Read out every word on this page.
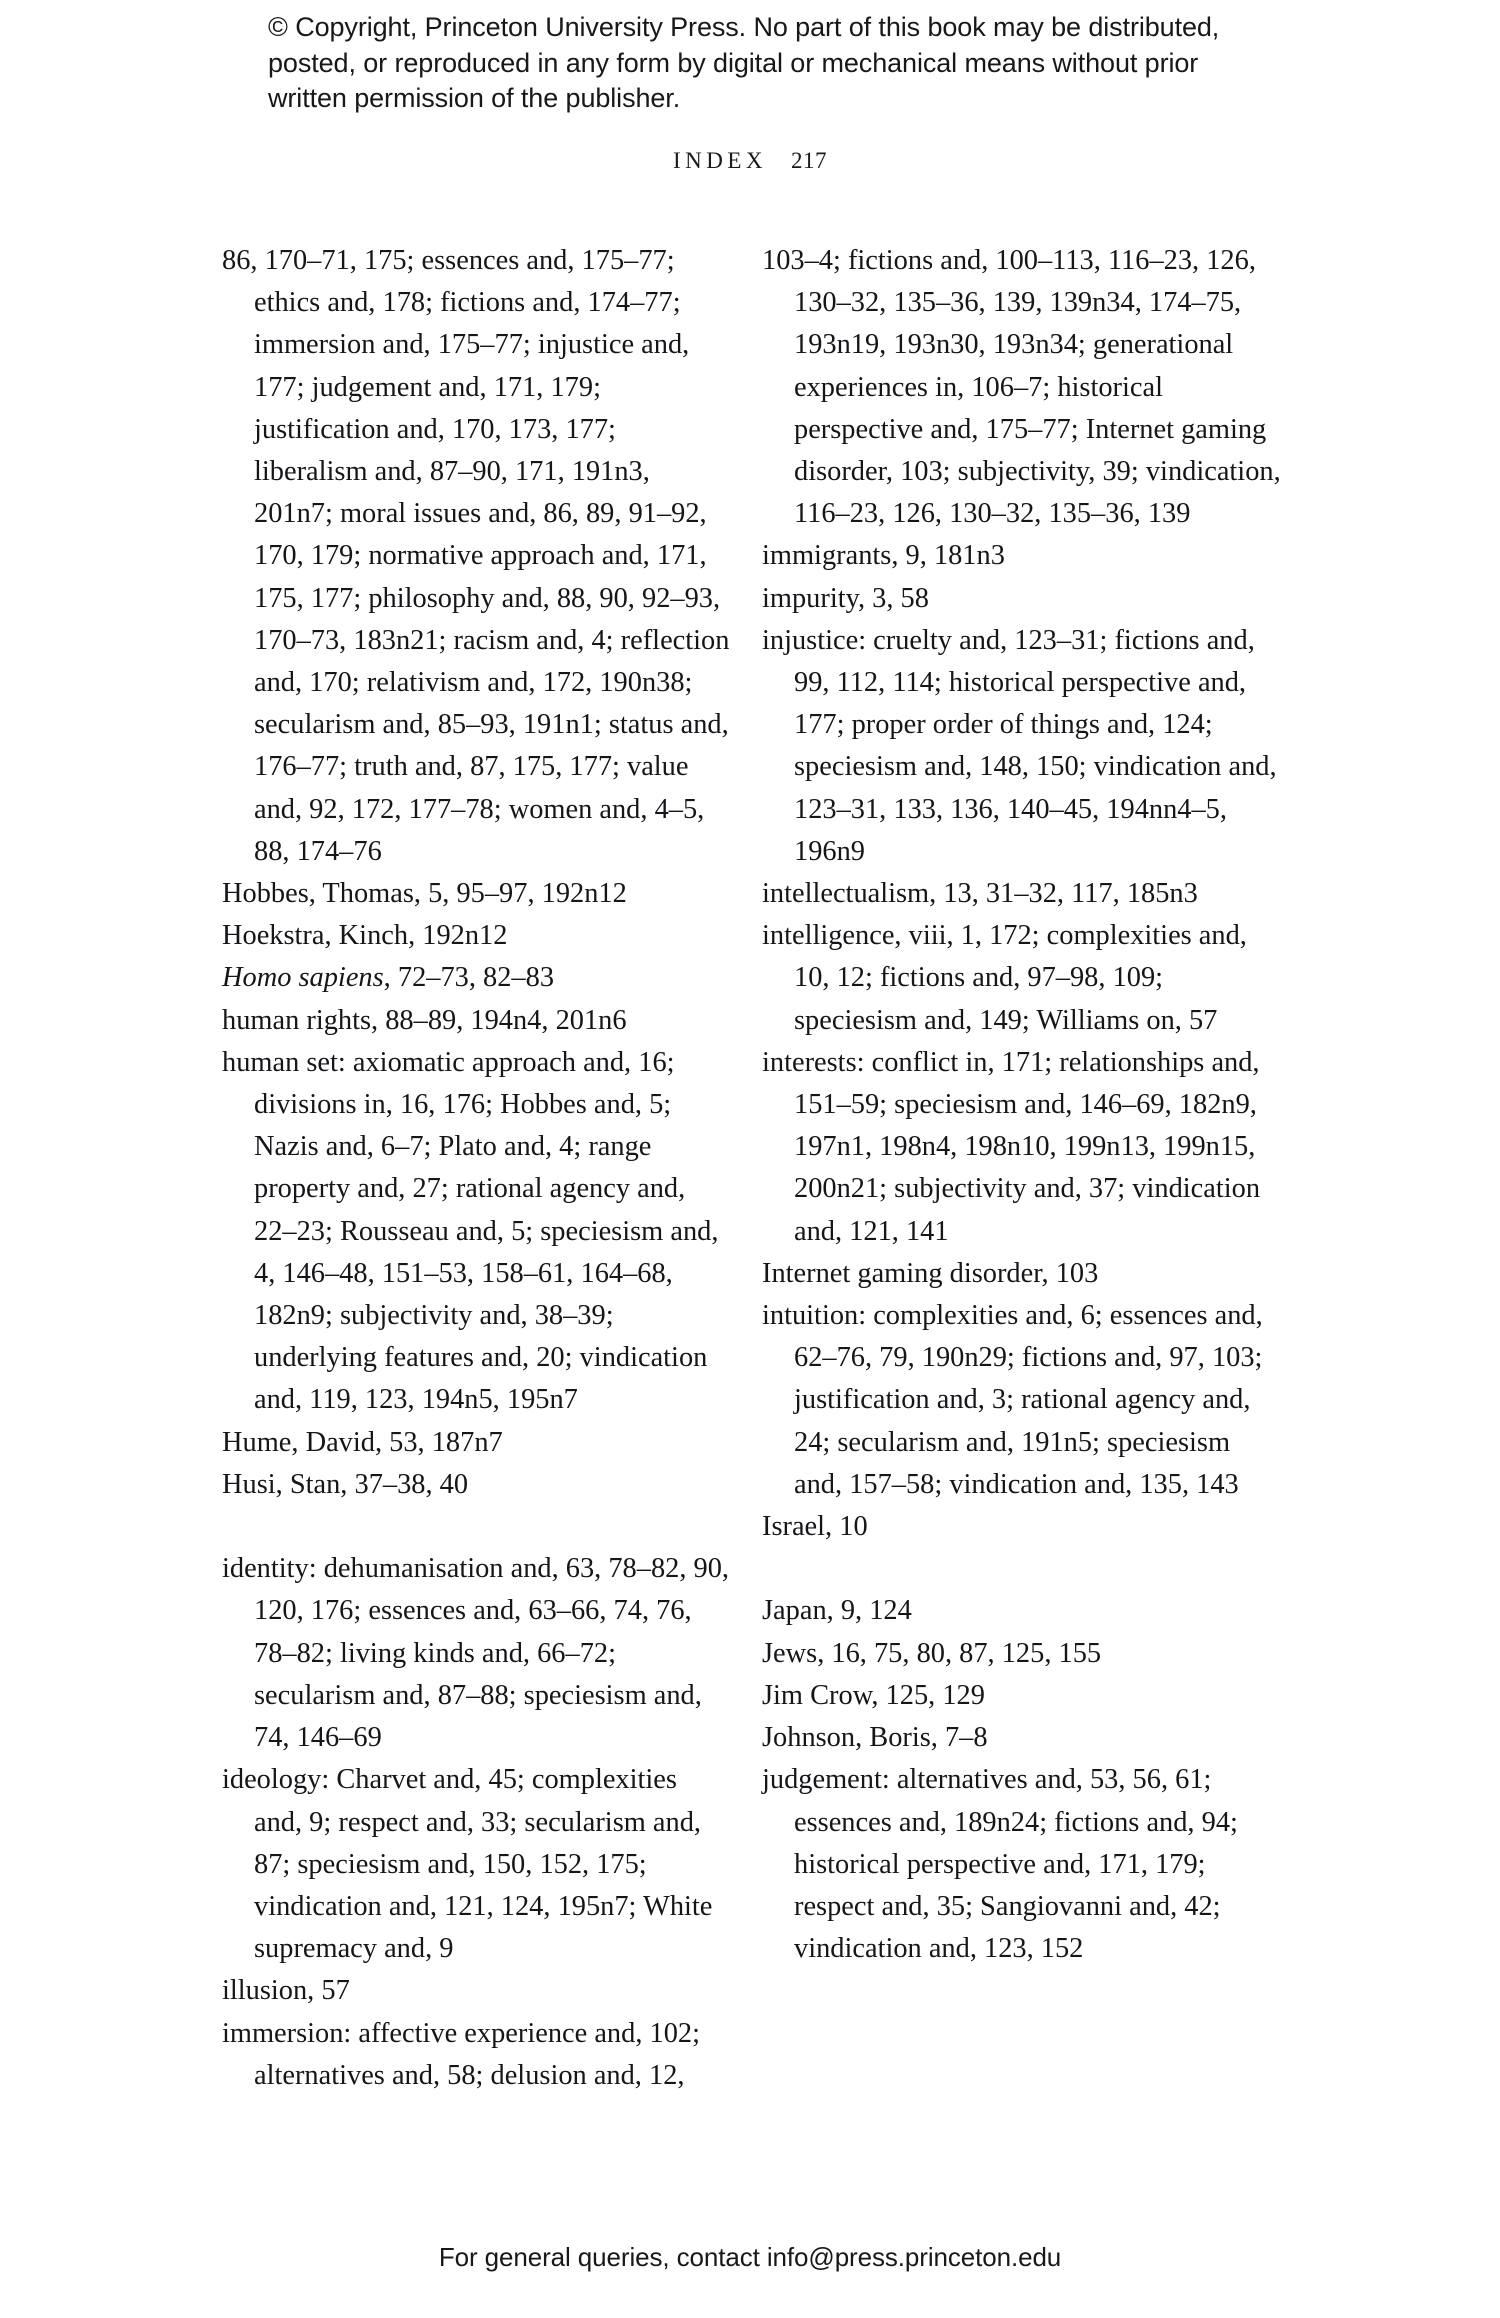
© Copyright, Princeton University Press. No part of this book may be distributed, posted, or reproduced in any form by digital or mechanical means without prior written permission of the publisher.
INDEX 217

86, 170–71, 175; essences and, 175–77; ethics and, 178; fictions and, 174–77; immersion and, 175–77; injustice and, 177; judgement and, 171, 179; justification and, 170, 173, 177; liberalism and, 87–90, 171, 191n3, 201n7; moral issues and, 86, 89, 91–92, 170, 179; normative approach and, 171, 175, 177; philosophy and, 88, 90, 92–93, 170–73, 183n21; racism and, 4; reflection and, 170; relativism and, 172, 190n38; secularism and, 85–93, 191n1; status and, 176–77; truth and, 87, 175, 177; value and, 92, 172, 177–78; women and, 4–5, 88, 174–76

Hobbes, Thomas, 5, 95–97, 192n12

Hoekstra, Kinch, 192n12

Homo sapiens, 72–73, 82–83

human rights, 88–89, 194n4, 201n6

human set: axiomatic approach and, 16; divisions in, 16, 176; Hobbes and, 5; Nazis and, 6–7; Plato and, 4; range property and, 27; rational agency and, 22–23; Rousseau and, 5; speciesism and, 4, 146–48, 151–53, 158–61, 164–68, 182n9; subjectivity and, 38–39; underlying features and, 20; vindication and, 119, 123, 194n5, 195n7

Hume, David, 53, 187n7

Husi, Stan, 37–38, 40

identity: dehumanisation and, 63, 78–82, 90, 120, 176; essences and, 63–66, 74, 76, 78–82; living kinds and, 66–72; secularism and, 87–88; speciesism and, 74, 146–69

ideology: Charvet and, 45; complexities and, 9; respect and, 33; secularism and, 87; speciesism and, 150, 152, 175; vindication and, 121, 124, 195n7; White supremacy and, 9

illusion, 57

immersion: affective experience and, 102; alternatives and, 58; delusion and, 12,

103–4; fictions and, 100–113, 116–23, 126, 130–32, 135–36, 139, 139n34, 174–75, 193n19, 193n30, 193n34; generational experiences in, 106–7; historical perspective and, 175–77; Internet gaming disorder, 103; subjectivity, 39; vindication, 116–23, 126, 130–32, 135–36, 139

immigrants, 9, 181n3

impurity, 3, 58

injustice: cruelty and, 123–31; fictions and, 99, 112, 114; historical perspective and, 177; proper order of things and, 124; speciesism and, 148, 150; vindication and, 123–31, 133, 136, 140–45, 194nn4–5, 196n9

intellectualism, 13, 31–32, 117, 185n3

intelligence, viii, 1, 172; complexities and, 10, 12; fictions and, 97–98, 109; speciesism and, 149; Williams on, 57

interests: conflict in, 171; relationships and, 151–59; speciesism and, 146–69, 182n9, 197n1, 198n4, 198n10, 199n13, 199n15, 200n21; subjectivity and, 37; vindication and, 121, 141

Internet gaming disorder, 103

intuition: complexities and, 6; essences and, 62–76, 79, 190n29; fictions and, 97, 103; justification and, 3; rational agency and, 24; secularism and, 191n5; speciesism and, 157–58; vindication and, 135, 143

Israel, 10

Japan, 9, 124

Jews, 16, 75, 80, 87, 125, 155

Jim Crow, 125, 129

Johnson, Boris, 7–8

judgement: alternatives and, 53, 56, 61; essences and, 189n24; fictions and, 94; historical perspective and, 171, 179; respect and, 35; Sangiovanni and, 42; vindication and, 123, 152

For general queries, contact info@press.princeton.edu
